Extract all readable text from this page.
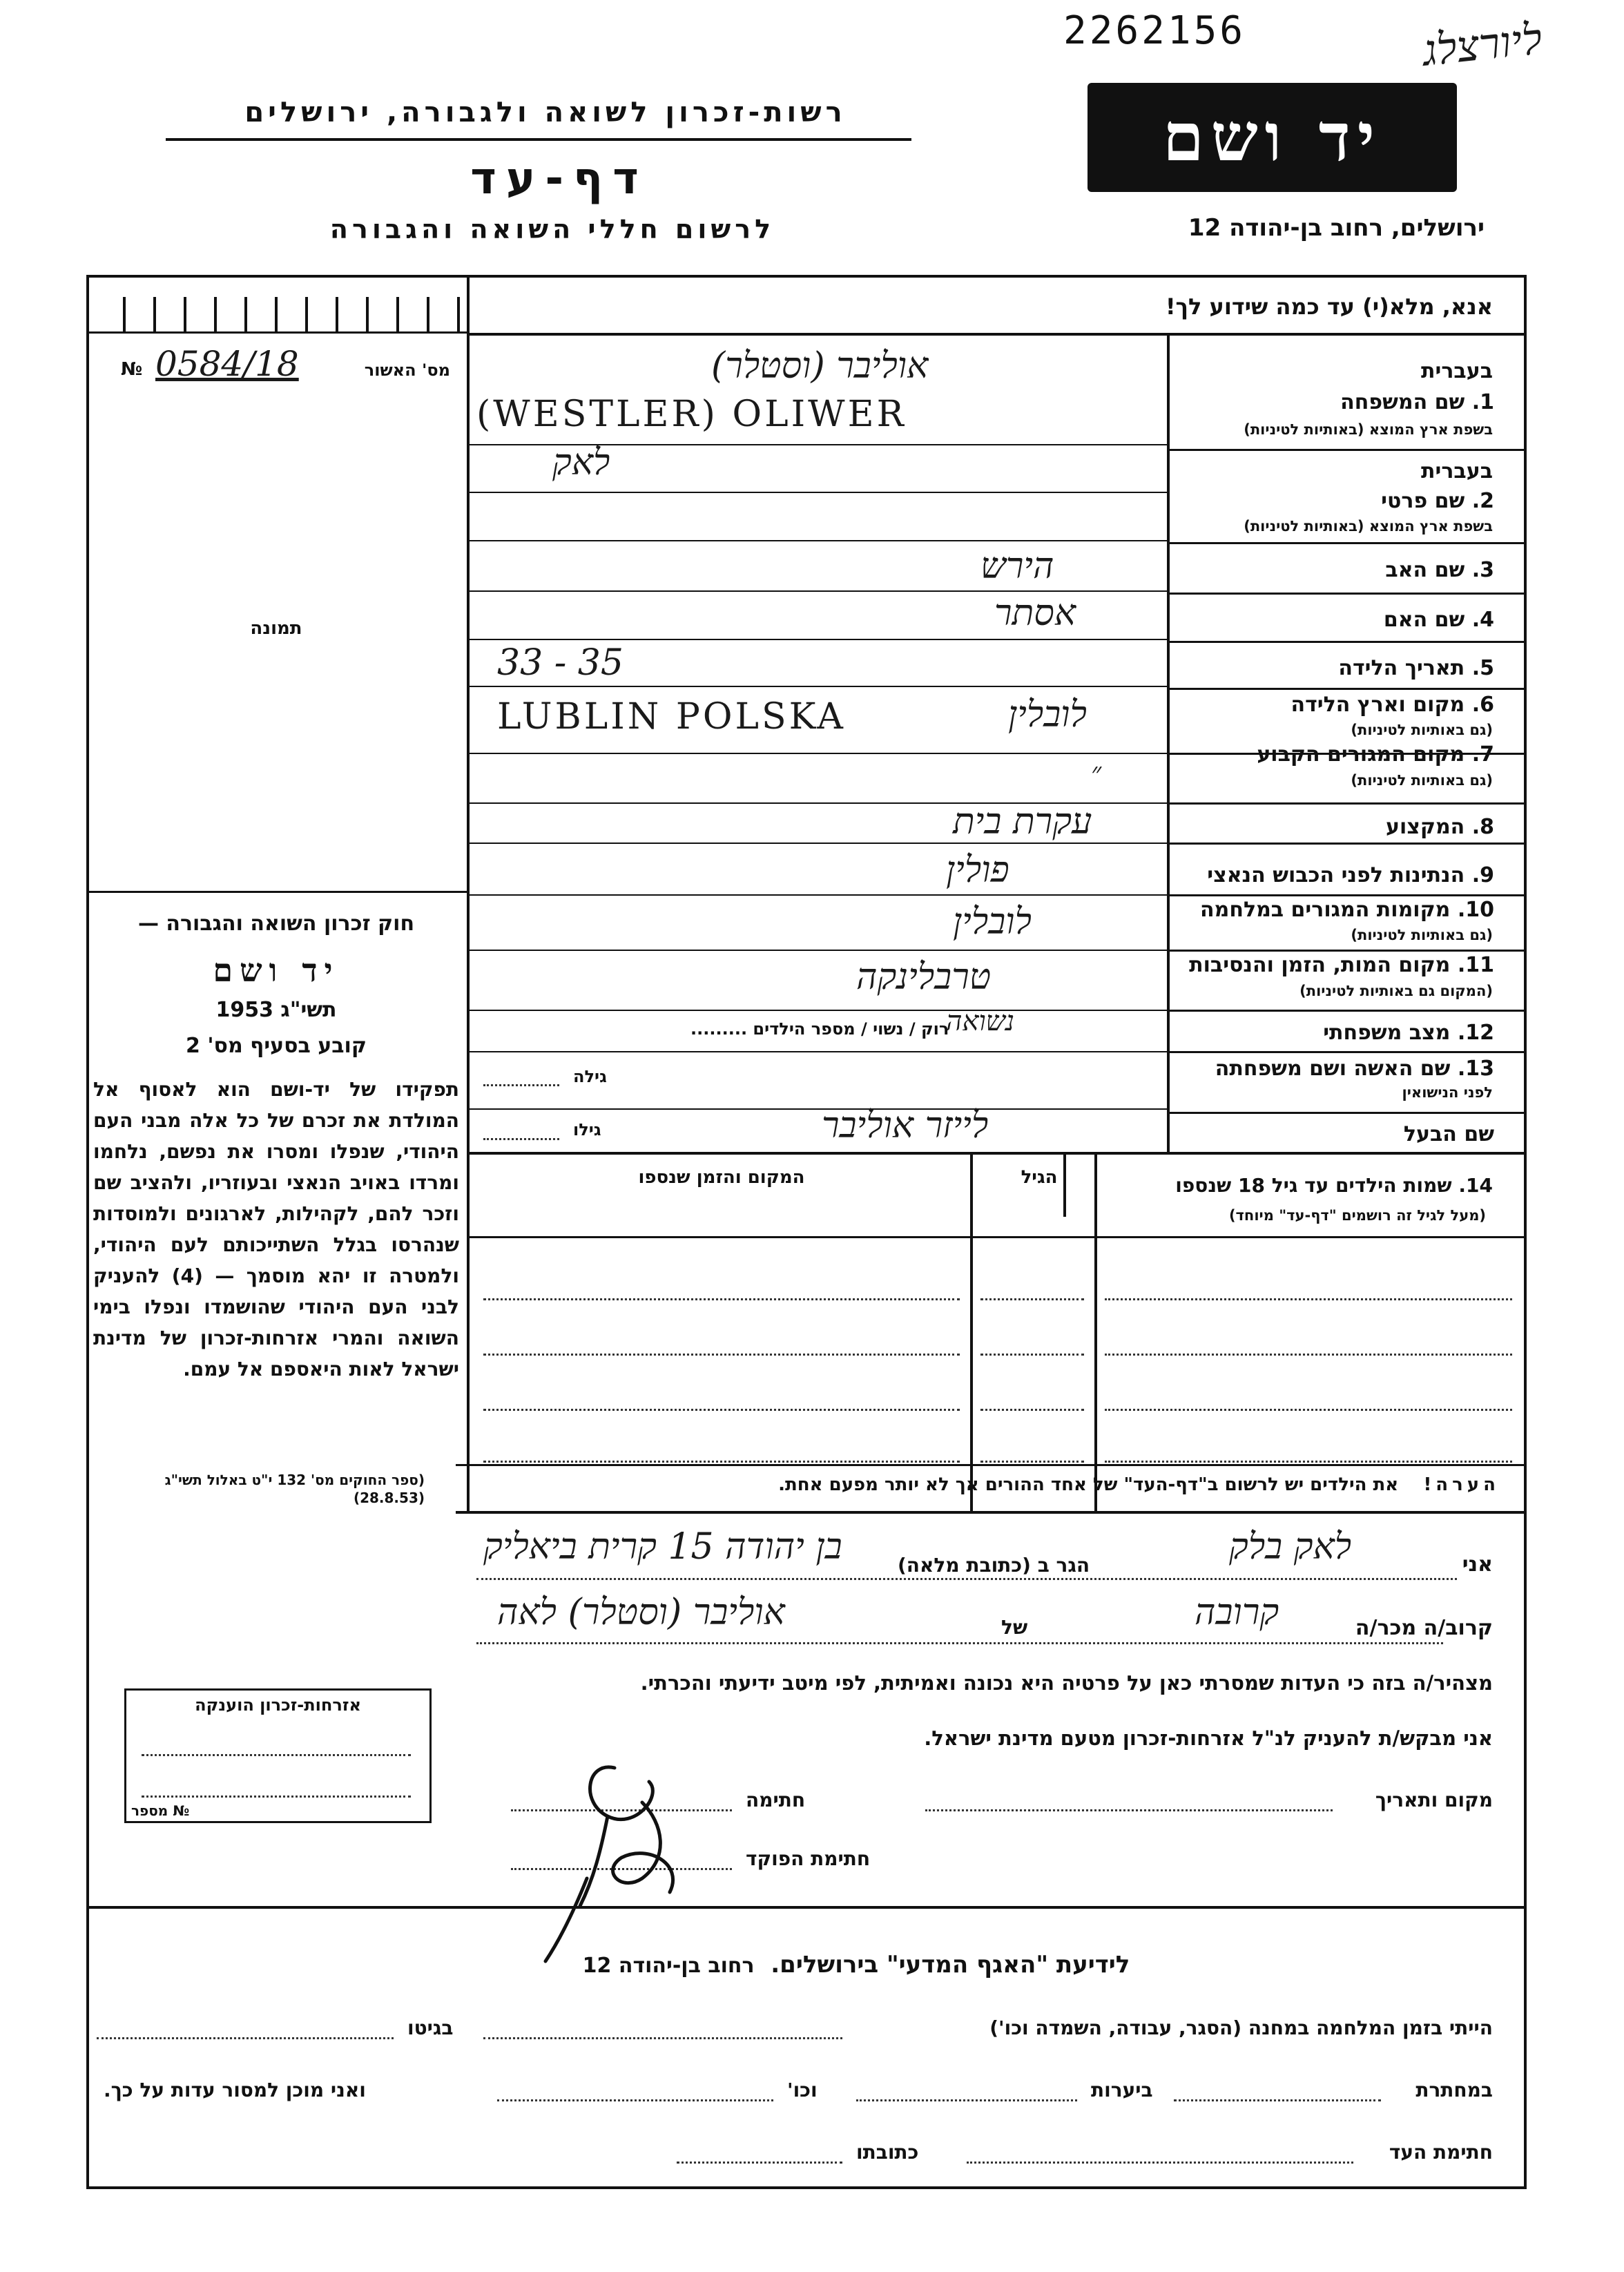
2262156	ליורצלג
רשות-זכרון לשואה ולגבורה, ירושלים
דף-עד
לרשום חללי השואה והגבורה
יד ושם
ירושלים, רחוב בן-יהודה 12
אנא, מלא(י) עד כמה שידוע לך!
№ 0584/18	מס' האשור
תמונה
חוק זכרון השואה והגבורה —
יד ושם
תשי"ג 1953
קובע בסעיף מס' 2
תפקידו של יד-ושם הוא לאסוף אל המולדת את זכרם של כל אלה מבני העם היהודי, שנפלו ומסרו את נפשם, נלחמו ומרדו באויב הנאצי ובעוזריו, ולהציב שם וזכר להם, לקהילות, לארגונים ולמוסדות שנהרסו בגלל השתייכותם לעם היהודי, ולמטרה זו יהא מוסמך — (4) להעניק לבני העם היהודי שהושמדו ונפלו בימי השואה והמרי אזרחות-זכרון של מדינת ישראל לאות היאספם אל עמם.
(ספר החוקים מס' 132 י"ט באלול תשי"ג (28.8.53)
בעברית
1. שם המשפחה
בשפת ארץ המוצא (באותיות לטיניות)
אוליבר (וסטלר)
(WESTLER) OLIWER
בעברית
2. שם פרטי
בשפת ארץ המוצא (באותיות לטיניות)
לאק
3. שם האב
הירש
4. שם האם
אסתר
5. תאריך הלידה
33 - 35
6. מקום וארץ הלידה
(גם באותיות לטיניות)
לובלין
LUBLIN POLSKA
7. מקום המגורים הקבוע
(גם באותיות לטיניות)
״
8. המקצוע
עקרת בית
9. הנתינות לפני הכבוש הנאצי
פולין
10. מקומות המגורים במלחמה
(גם באותיות לטיניות)
לובלין
11. מקום המות, הזמן והנסיבות
(המקום גם באותיות לטיניות)
טרבלינקה
12. מצב משפחתי
רוק / נשוי / מספר הילדים .........
נשואה
13. שם האשה ושם משפחתה
לפני הנישואין
גילה
שם הבעל
גילו	לייזר אוליבר
14. שמות הילדים עד גיל 18 שנספו
(מעל לגיל זה רושמים "דף-עד" מיוחד)
הגיל
המקום והזמן שנספו
הערה!    את הילדים יש לרשום ב"דף-העד" של אחד ההורים אך לא יותר מפעם אחת.
אני
לאק בלק
הגר ב (כתובת מלאה)
בן יהודה 15 קרית ביאליק
קרוב/ה מכר/ה
קרובה
של
אוליבר (וסטלר) לאה
מצהיר/ה בזה כי העדות שמסרתי כאן על פרטיה היא נכונה ואמיתית, לפי מיטב ידיעתי והכרתי.
אני מבקש/ת להעניק לנ"ל אזרחות-זכרון מטעם מדינת ישראל.
מקום ותאריך
חתימה
חתימת הפוקד
אזרחות-זכרון הוענקה
מספר №
לידיעת "האגף המדעי" בירושלים.  רחוב בן-יהודה 12
הייתי בזמן המלחמה במחנה (הסגר, עבודה, השמדה וכו')
בגיטו
במחתרת
ביערות
וכו'
ואני מוכן למסור עדות על כך.
חתימת העד
כתובתו
